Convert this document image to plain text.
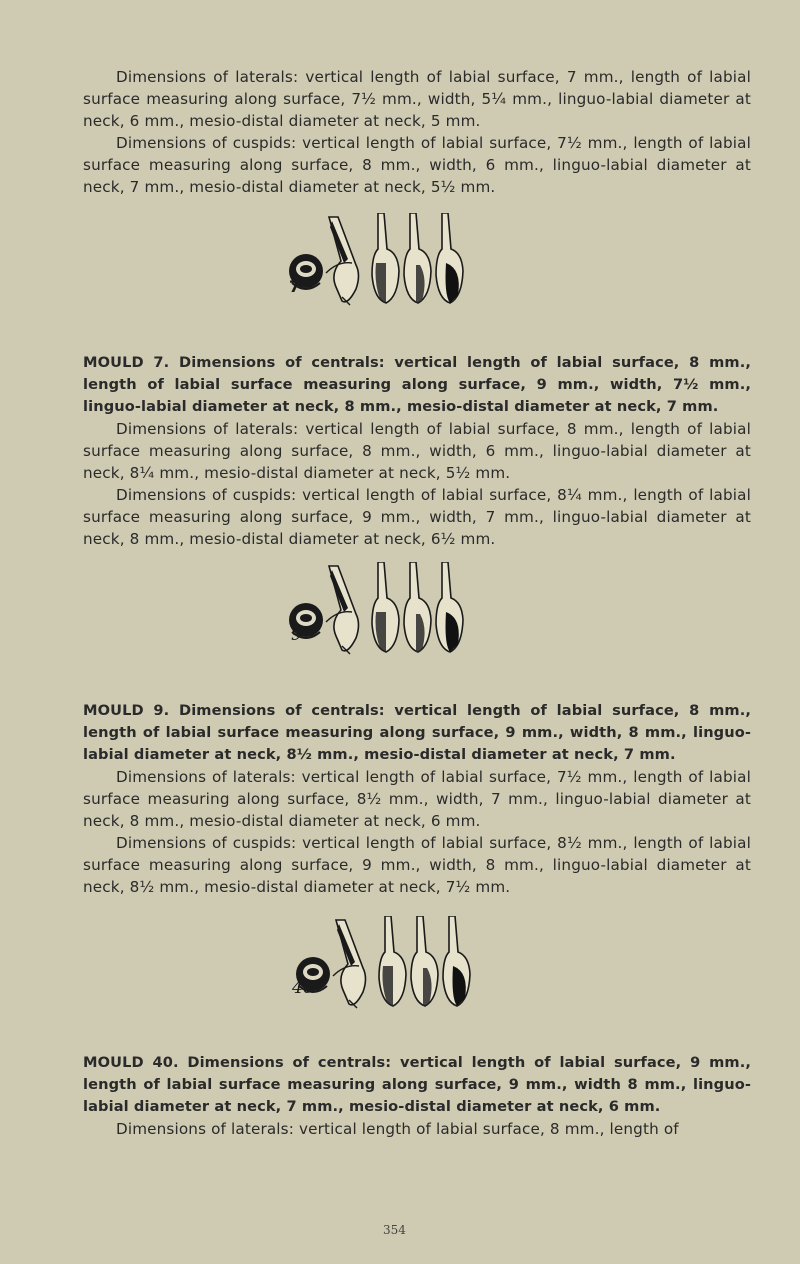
Dimensions of laterals: vertical length of labial surface, 7 mm., length of labial surface measuring along surface, 7½ mm., width, 5¼ mm., linguo-labial diameter at neck, 6 mm., mesio-distal diameter at neck, 5 mm.

Dimensions of cuspids: vertical length of labial surface, 7½ mm., length of labial surface measuring along surface, 8 mm., width, 6 mm., linguo-labial diameter at neck, 7 mm., mesio-distal diameter at neck, 5½ mm.

7

MOULD 7. Dimensions of centrals: vertical length of labial surface, 8 mm., length of labial surface measuring along surface, 9 mm., width, 7½ mm., linguo-labial diameter at neck, 8 mm., mesio-distal diameter at neck, 7 mm.

Dimensions of laterals: vertical length of labial surface, 8 mm., length of labial surface measuring along surface, 8 mm., width, 6 mm., linguo-labial diameter at neck, 8¼ mm., mesio-distal diameter at neck, 5½ mm.

Dimensions of cuspids: vertical length of labial surface, 8¼ mm., length of labial surface measuring along surface, 9 mm., width, 7 mm., linguo-labial diameter at neck, 8 mm., mesio-distal diameter at neck, 6½ mm.

9

MOULD 9. Dimensions of centrals: vertical length of labial surface, 8 mm., length of labial surface measuring along surface, 9 mm., width, 8 mm., linguo-labial diameter at neck, 8½ mm., mesio-distal diameter at neck, 7 mm.

Dimensions of laterals: vertical length of labial surface, 7½ mm., length of labial surface measuring along surface, 8½ mm., width, 7 mm., linguo-labial diameter at neck, 8 mm., mesio-distal diameter at neck, 6 mm.

Dimensions of cuspids: vertical length of labial surface, 8½ mm., length of labial surface measuring along surface, 9 mm., width, 8 mm., linguo-labial diameter at neck, 8½ mm., mesio-distal diameter at neck, 7½ mm.

40

MOULD 40. Dimensions of centrals: vertical length of labial surface, 9 mm., length of labial surface measuring along surface, 9 mm., width 8 mm., linguo-labial diameter at neck, 7 mm., mesio-distal diameter at neck, 6 mm.

Dimensions of laterals: vertical length of labial surface, 8 mm., length of

354
